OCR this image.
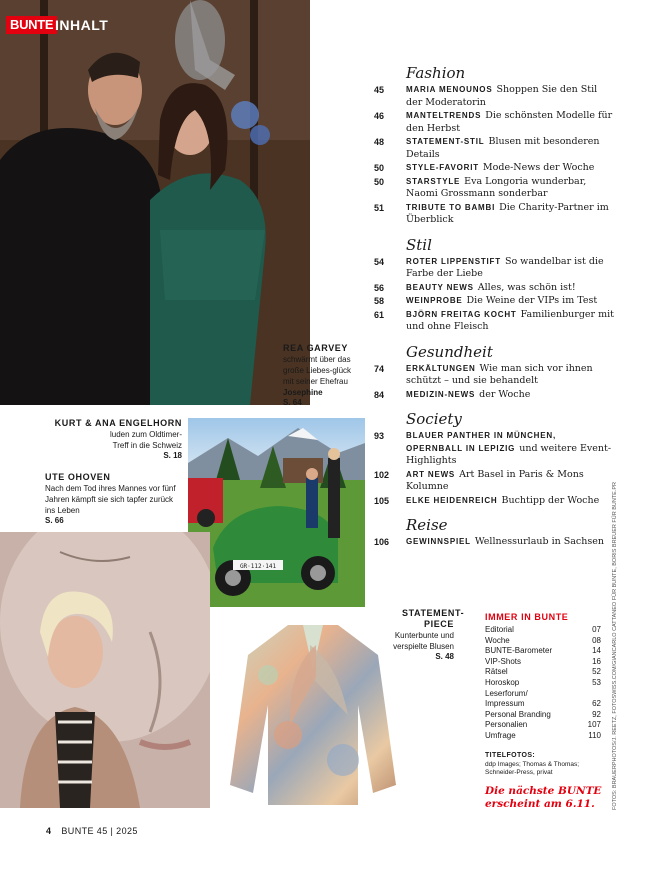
BUNTE INHALT
REA GARVEY
schwärmt über das große Liebes-glück mit seiner Ehefrau Josephine
S. 64
KURT & ANA ENGELHORN
luden zum Oldtimer-Treff in die Schweiz
S. 18
GR·112·141
UTE OHOVEN
Nach dem Tod ihres Mannes vor fünf Jahren kämpft sie sich tapfer zurück ins Leben
S. 66
STATEMENT-PIECE
Kunterbunte und verspielte Blusen
S. 48
Fashion
45	MARIA MENOUNOS Shoppen Sie den Stil der Moderatorin
46	MANTELTRENDS Die schönsten Modelle für den Herbst
48	STATEMENT-STIL Blusen mit besonderen Details
50	STYLE-FAVORIT Mode-News der Woche
50	STARSTYLE Eva Longoria wunderbar, Naomi Grossmann sonderbar
51	TRIBUTE TO BAMBI Die Charity-Partner im Überblick
Stil
54	ROTER LIPPENSTIFT So wandelbar ist die Farbe der Liebe
56	BEAUTY NEWS Alles, was schön ist!
58	WEINPROBE Die Weine der VIPs im Test
61	BJÖRN FREITAG KOCHT Familienburger mit und ohne Fleisch
Gesundheit
74	ERKÄLTUNGEN Wie man sich vor ihnen schützt – und sie behandelt
84	MEDIZIN-NEWS der Woche
Society
93	BLAUER PANTHER IN MÜNCHEN, OPERNBALL IN LEPIZIG und weitere Event-Highlights
102	ART NEWS Art Basel in Paris & Mons Kolumne
105	ELKE HEIDENREICH Buchtipp der Woche
Reise
106	GEWINNSPIEL Wellnessurlaub in Sachsen
IMMER IN BUNTE
Editorial	07
Woche	08
BUNTE-Barometer	14
VIP-Shots	16
Rätsel	52
Horoskop	53
Leserforum/
Impressum	62
Personal Branding	92
Personalien	107
Umfrage	110
TITELFOTOS:
ddp Images; Thomas & Thomas; Schneider-Press, privat
Die nächste BUNTE erscheint am 6.11.	FOTOS: BRAUERPHOTOS/J. REETZ, FOTOSWISS.COM/GIANCARLO CATTANEO FÜR BUNTE, BORIS BREUER FÜR BUNTE.PR
4 BUNTE 45 | 2025
